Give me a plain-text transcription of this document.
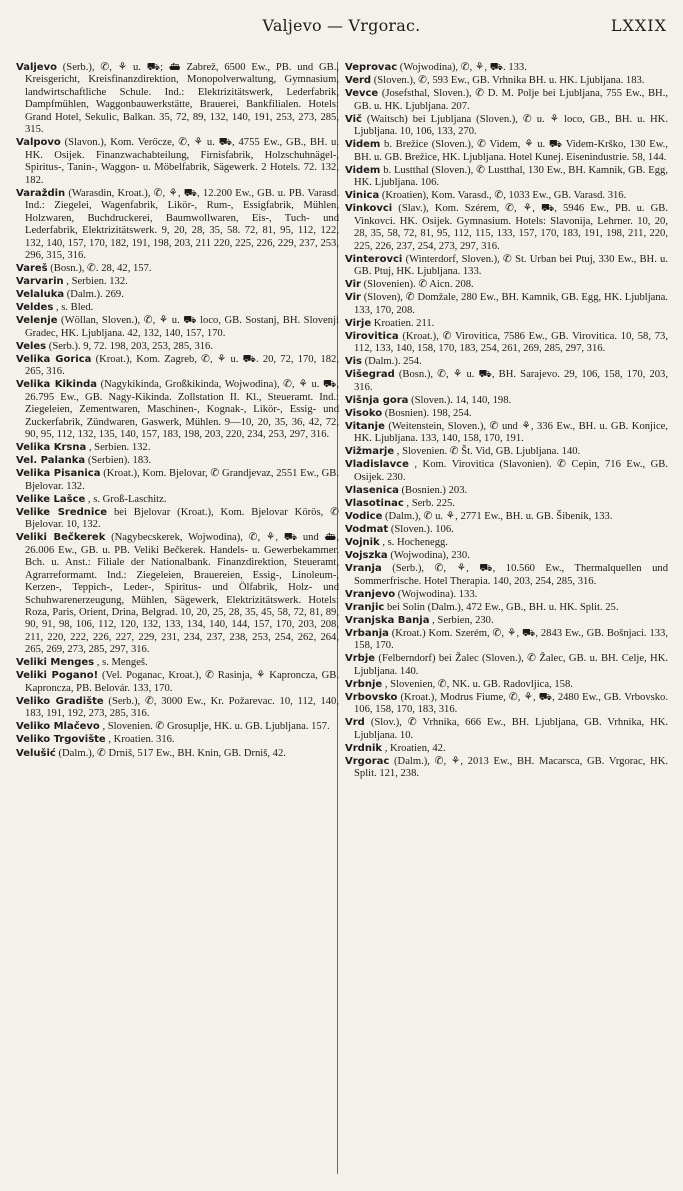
Valjevo — Vrgorac.	LXXIX

Valjevo (Serb.), ✆, ⚘ u. ⛟; ⛴ Zabrež, 6500 Ew., PB. und GB., Kreisgericht, Kreisfinanzdirektion, Monopolverwaltung, Gymnasium, landwirtschaftliche Schule. Ind.: Elektrizitätswerk, Lederfabrik, Dampfmühlen, Waggonbauwerkstätte, Brauerei, Bankfilialen. Hotels: Grand Hotel, Sekulic, Balkan. 35, 72, 89, 132, 140, 191, 253, 273, 285, 315.

Valpovo (Slavon.), Kom. Verőcze, ✆, ⚘ u. ⛟, 4755 Ew., GB., BH. u. HK. Osijek. Finanzwachabteilung, Firnisfabrik, Holzschuhnägel-, Spiritus-, Tanin-, Waggon- u. Möbelfabrik, Sägewerk. 2 Hotels. 72. 132, 182.

Varaždin (Warasdin, Kroat.), ✆, ⚘, ⛟, 12.200 Ew., GB. u. PB. Varasd. Ind.: Ziegelei, Wagenfabrik, Likör-, Rum-, Essigfabrik, Mühlen, Holzwaren, Buchdruckerei, Baumwollwaren, Eis-, Tuch- und Lederfabrik, Elektrizitätswerk. 9, 20, 28, 35, 58. 72, 81, 95, 112, 122, 132, 140, 157, 170, 182, 191, 198, 203, 211 220, 225, 226, 229, 237, 253, 296, 315, 316.

Vareš (Bosn.), ✆. 28, 42, 157.

Varvarin , Serbien. 132.

Velaluka (Dalm.). 269.

Veldes , s. Bled.

Velenje (Wöllan, Sloven.), ✆, ⚘ u. ⛟ loco, GB. Sostanj, BH. Slovenji Gradec, HK. Ljubljana. 42, 132, 140, 157, 170.

Veles (Serb.). 9, 72. 198, 203, 253, 285, 316.

Velika Gorica (Kroat.), Kom. Zagreb, ✆, ⚘ u. ⛟. 20, 72, 170, 182, 265, 316.

Velika Kikinda (Nagykikinda, Großkikinda, Wojwodina), ✆, ⚘ u. ⛟, 26.795 Ew., GB. Nagy-Kikinda. Zollstation II. Kl., Steueramt. Ind.: Ziegeleien, Zementwaren, Maschinen-, Kognak-, Likör-, Essig- und Zuckerfabrik, Zündwaren, Gaswerk, Mühlen. 9—10, 20, 35, 36, 42, 72, 90, 95, 112, 132, 135, 140, 157, 183, 198, 203, 220, 234, 253, 297, 316.

Velika Krsna , Serbien. 132.

Vel. Palanka (Serbien). 183.

Velika Pisanica (Kroat.), Kom. Bjelovar, ✆ Grandjevaz, 2551 Ew., GB. Bjelovar. 132.

Velike Lašce , s. Groß-Laschitz.

Velike Srednice bei Bjelovar (Kroat.), Kom. Bjelovar Körös, ✆ Bjelovar. 10, 132.

Veliki Bečkerek (Nagybecskerek, Wojwodina), ✆, ⚘, ⛟ und ⛴, 26.006 Ew., GB. u. PB. Veliki Bečkerek. Handels- u. Gewerbekammer. Bch. u. Anst.: Filiale der Nationalbank. Finanzdirektion, Steueramt, Agrarreformamt. Ind.: Ziegeleien, Brauereien, Essig-, Linoleum-, Kerzen-, Teppich-, Leder-, Spiritus- und Ölfabrik, Holz- und Schuhwarenerzeugung, Mühlen, Sägewerk, Elektrizitätswerk. Hotels: Roza, Paris, Orient, Drina, Belgrad. 10, 20, 25, 28, 35, 45, 58, 72, 81, 89, 90, 91, 98, 106, 112, 120, 132, 133, 134, 140, 144, 157, 170, 203, 208, 211, 220, 222, 226, 227, 229, 231, 234, 237, 238, 253, 254, 262, 264, 265, 269, 273, 285, 297, 316.

Veliki Menges , s. Mengeš.

Veliki Pogano! (Vel. Poganac, Kroat.), ✆ Rasinja, ⚘ Kaprоnсzа, GB. Kapronсza, PB. Belovár. 133, 170.

Veliko Gradište (Serb.), ✆, 3000 Ew., Kr. Požarevac. 10, 112, 140, 183, 191, 192, 273, 285, 316.

Veliko Mlačevo , Slovenien. ✆ Grosuplje, HK. u. GB. Ljubljana. 157.

Veliko Trgovište , Kroatien. 316.

Velušić (Dalm.), ✆ Drniš, 517 Ew., BH. Knin, GB. Drniš, 42.

Veprovac (Wojwodina), ✆, ⚘, ⛟. 133.

Verd (Sloven.), ✆, 593 Ew., GB. Vrhnika BH. u. HK. Ljubljana. 183.

Vevce (Josefsthal, Sloven.), ✆ D. M. Polje bei Ljubljana, 755 Ew., BH., GB. u. HK. Ljubljana. 207.

Vič (Waitsch) bei Ljubljana (Sloven.), ✆ u. ⚘ loco, GB., BH. u. HK. Ljubljana. 10, 106, 133, 270.

Videm b. Brežice (Sloven.), ✆ Videm, ⚘ u. ⛟ Videm-Krško, 130 Ew., BH. u. GB. Brežice, HK. Ljubljana. Hotel Kunej. Eisenindustrie. 58, 144.

Videm b. Lustthal (Sloven.), ✆ Lustthal, 130 Ew., BH. Kamnik, GB. Egg, HK. Ljubljana. 106.

Vinica (Kroatien), Kom. Varasd., ✆, 1033 Ew., GB. Varasd. 316.

Vinkovci (Slav.), Kom. Szérem, ✆, ⚘, ⛟, 5946 Ew., PB. u. GB. Vinkovci. HK. Osijek. Gymnasium. Hotels: Slavonija, Lehrner. 10, 20, 28, 35, 58, 72, 81, 95, 112, 115, 133, 157, 170, 183, 191, 198, 211, 220, 225, 226, 237, 254, 273, 297, 316.

Vinterovci (Winterdorf, Sloven.), ✆ St. Urban bei Ptuj, 330 Ew., BH. u. GB. Ptuj, HK. Ljubljana. 133.

Vir (Slovenien). ✆ Aicn. 208.

Vir (Sloven), ✆ Domžale, 280 Ew., BH. Kamnik, GB. Egg, HK. Ljubljana. 133, 170, 208.

Virje Kroatien. 211.

Virovitica (Kroat.), ✆ Virovitica, 7586 Ew., GB. Virovitica. 10, 58, 73, 112, 133, 140, 158, 170, 183, 254, 261, 269, 285, 297, 316.

Vis (Dalm.). 254.

Višegrad (Bosn.), ✆, ⚘ u. ⛟, BH. Sarajevo. 29, 106, 158, 170, 203, 316.

Višnja gora (Sloven.). 14, 140, 198.

Visoko (Bosnien). 198, 254.

Vitanje (Weitenstein, Sloven.), ✆ und ⚘, 336 Ew., BH. u. GB. Konjice, HK. Ljubljana. 133, 140, 158, 170, 191.

Vižmarje , Slovenien. ✆ Št. Vid, GB. Ljubljana. 140.

Vladislavce , Kom. Virovitica (Slavonien). ✆ Cepin, 716 Ew., GB. Osijek. 230.

Vlasenica (Bosnien.) 203.

Vlasotinac , Serb. 225.

Vodice (Dalm.), ✆ u. ⚘, 2771 Ew., BH. u. GB. Šibenik, 133.

Vodmat (Sloven.). 106.

Vojnik , s. Hochenegg.

Vojszka (Wojwodina), 230.

Vranja (Serb.), ✆, ⚘, ⛟, 10.560 Ew., Thermalquellen und Sommerfrische. Hotel Therapia. 140, 203, 254, 285, 316.

Vranjevo (Wojwodina). 133.

Vranjic bei Solin (Dalm.), 472 Ew., GB., BH. u. HK. Split. 25.

Vranjska Banja , Serbien, 230.

Vrbanja (Kroat.) Kom. Szerém, ✆, ⚘, ⛟, 2843 Ew., GB. Bošnjaci. 133, 158, 170.

Vrbje (Felberndorf) bei Žalec (Sloven.), ✆ Žalec, GB. u. BH. Celje, HK. Ljubljana. 140.

Vrbnje , Slovenien, ✆, NK. u. GB. Radovljica, 158.

Vrbovsko (Kroat.), Modrus Fiume, ✆, ⚘, ⛟, 2480 Ew., GB. Vrbovsko. 106, 158, 170, 183, 316.

Vrd (Slov.), ✆ Vrhnika, 666 Ew., BH. Ljubljana, GB. Vrhnika, HK. Ljubljana. 10.

Vrdnik , Kroatien, 42.

Vrgorac (Dalm.), ✆, ⚘, 2013 Ew., BH. Macarsca, GB. Vrgorac, HK. Split. 121, 238.
